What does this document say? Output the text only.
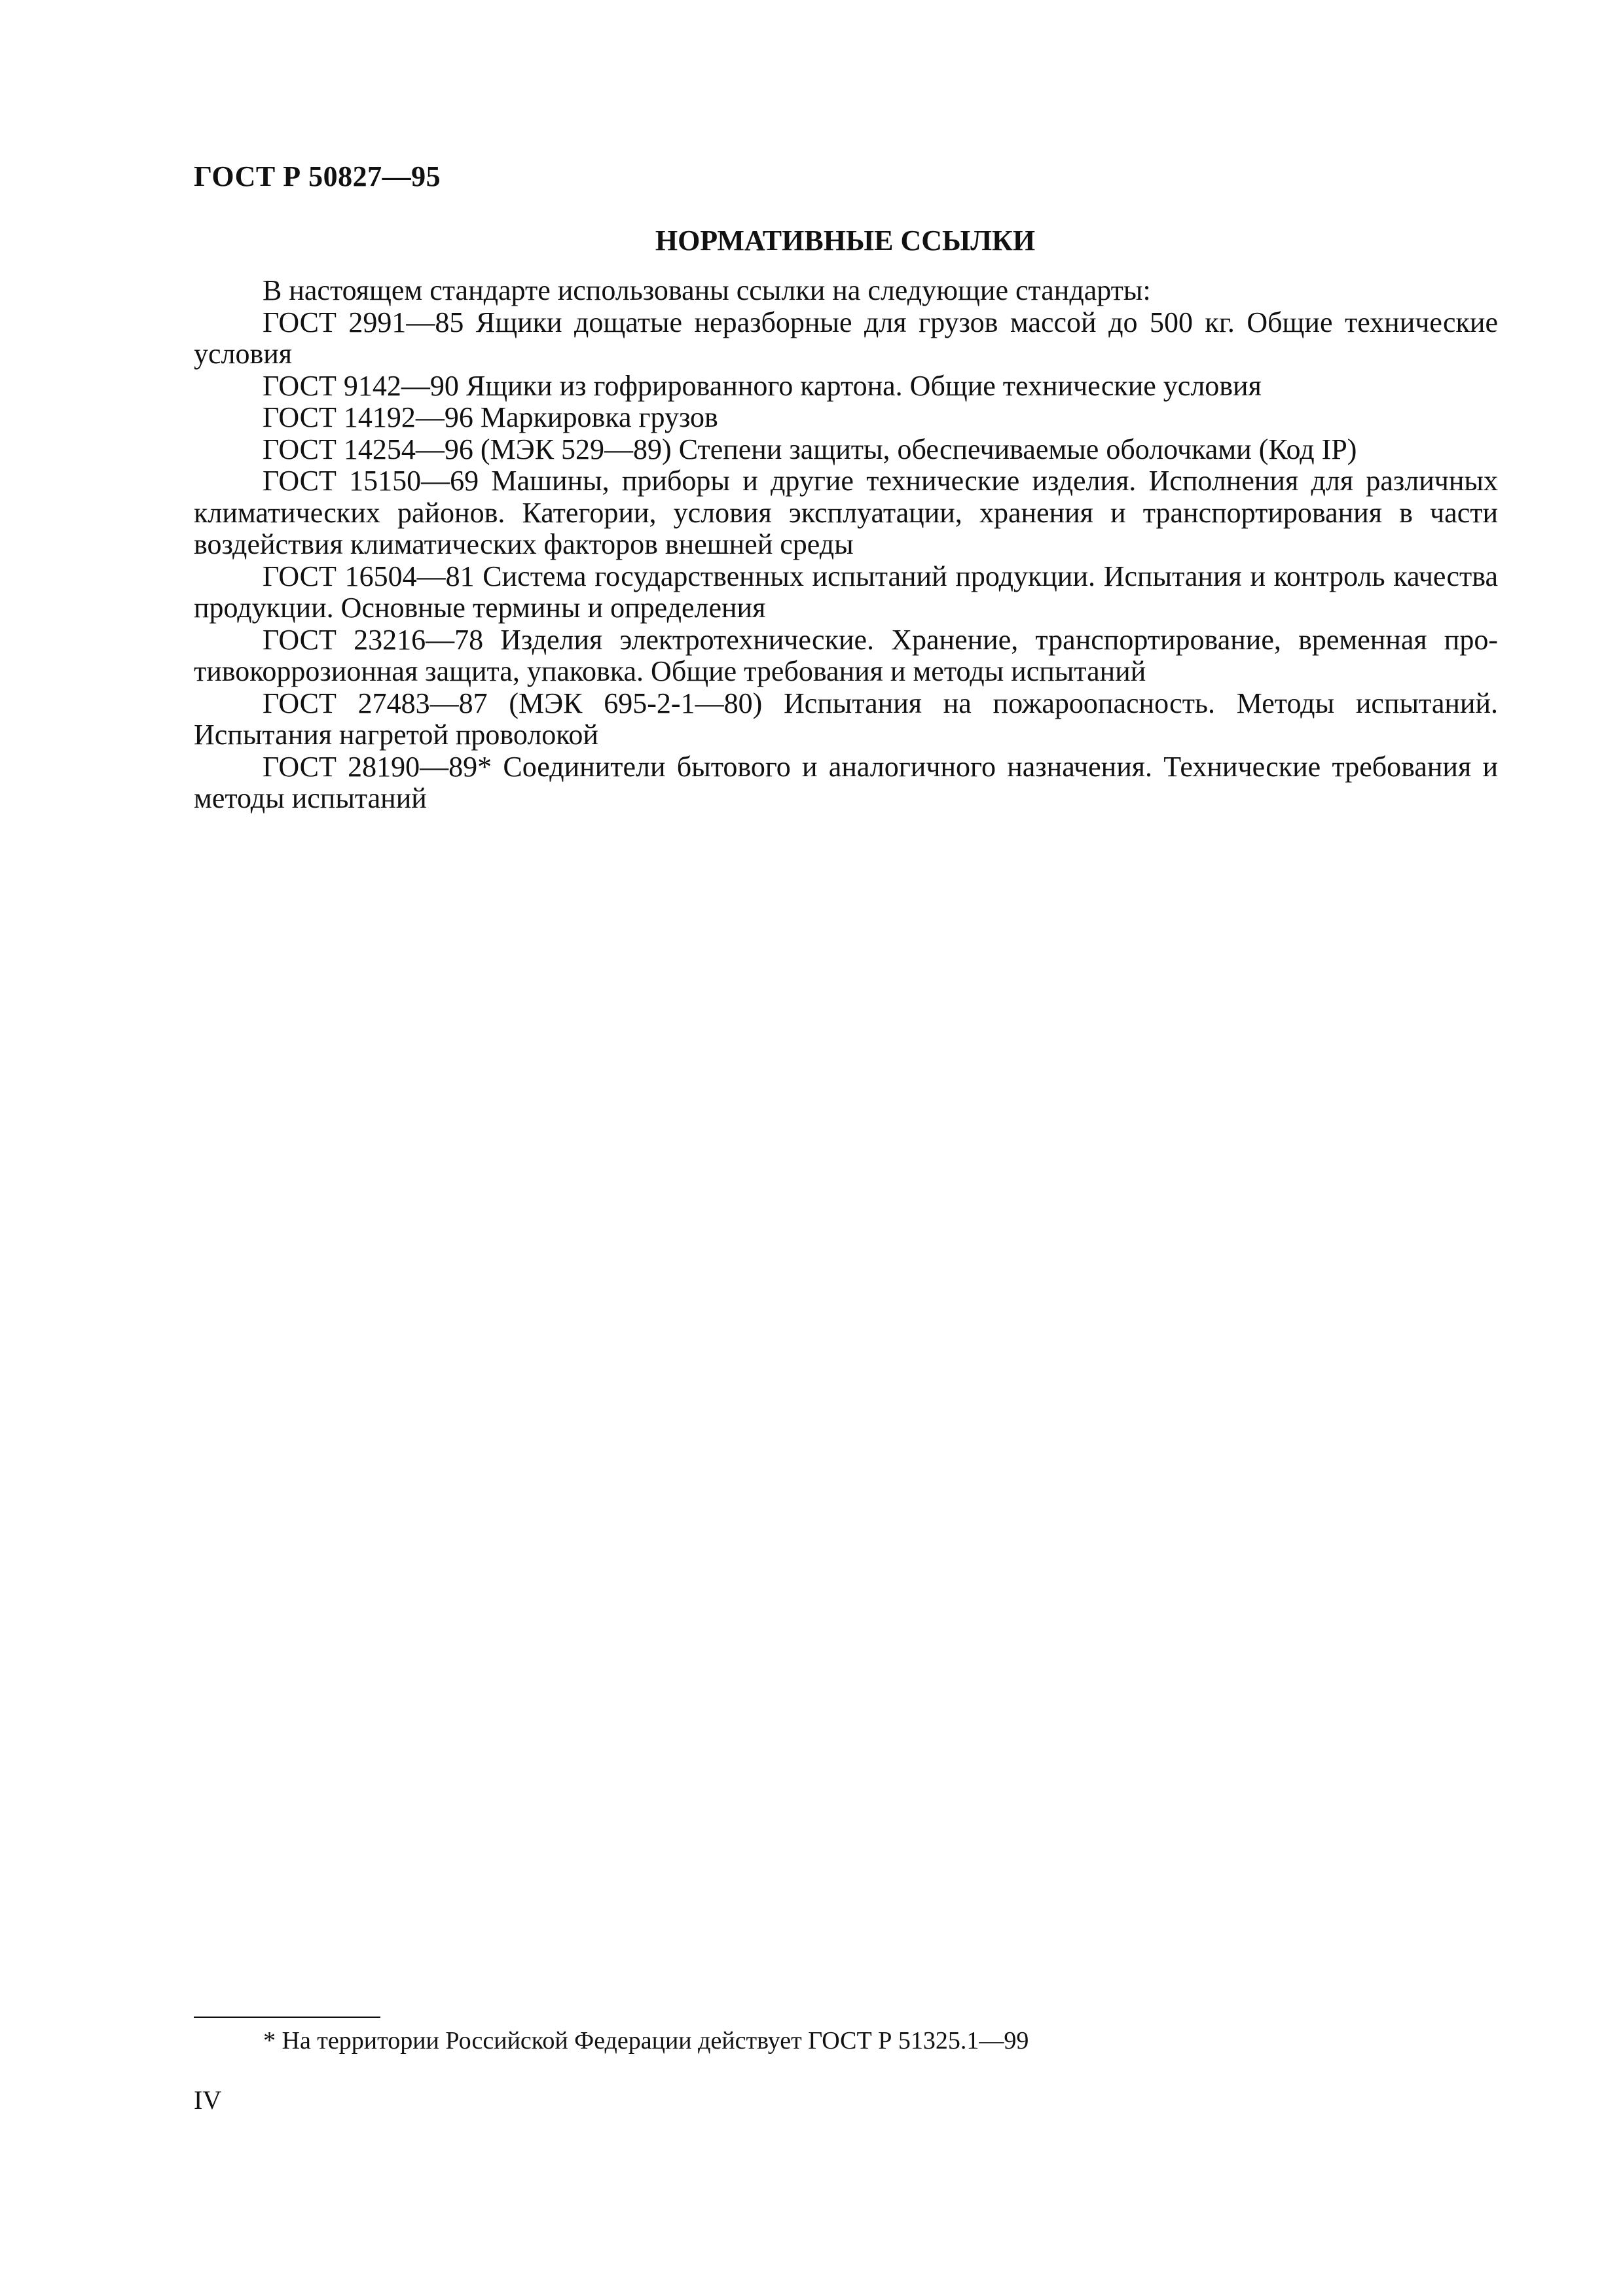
ГОСТ Р 50827—95
НОРМАТИВНЫЕ ССЫЛКИ

В настоящем стандарте использованы ссылки на следующие стандарты:

ГОСТ 2991—85 Ящики дощатые неразборные для грузов массой до 500 кг. Общие технические условия

ГОСТ 9142—90 Ящики из гофрированного картона. Общие технические условия

ГОСТ 14192—96 Маркировка грузов

ГОСТ 14254—96 (МЭК 529—89) Степени защиты, обеспечиваемые оболочками (Код IP)

ГОСТ 15150—69 Машины, приборы и другие технические изделия. Исполнения для различных климатических районов. Категории, условия эксплуатации, хранения и транспортирования в части воздействия климатических факторов внешней среды

ГОСТ 16504—81 Система государственных испытаний продукции. Испытания и контроль качества продукции. Основные термины и определения

ГОСТ 23216—78 Изделия электротехнические. Хранение, транспортирование, временная противокоррозионная защита, упаковка. Общие требования и методы испытаний

ГОСТ 27483—87 (МЭК 695-2-1—80) Испытания на пожароопасность. Методы испытаний. Испытания нагретой проволокой

ГОСТ 28190—89* Соединители бытового и аналогичного назначения. Технические требования и методы испытаний

* На территории Российской Федерации действует ГОСТ Р 51325.1—99
IV
